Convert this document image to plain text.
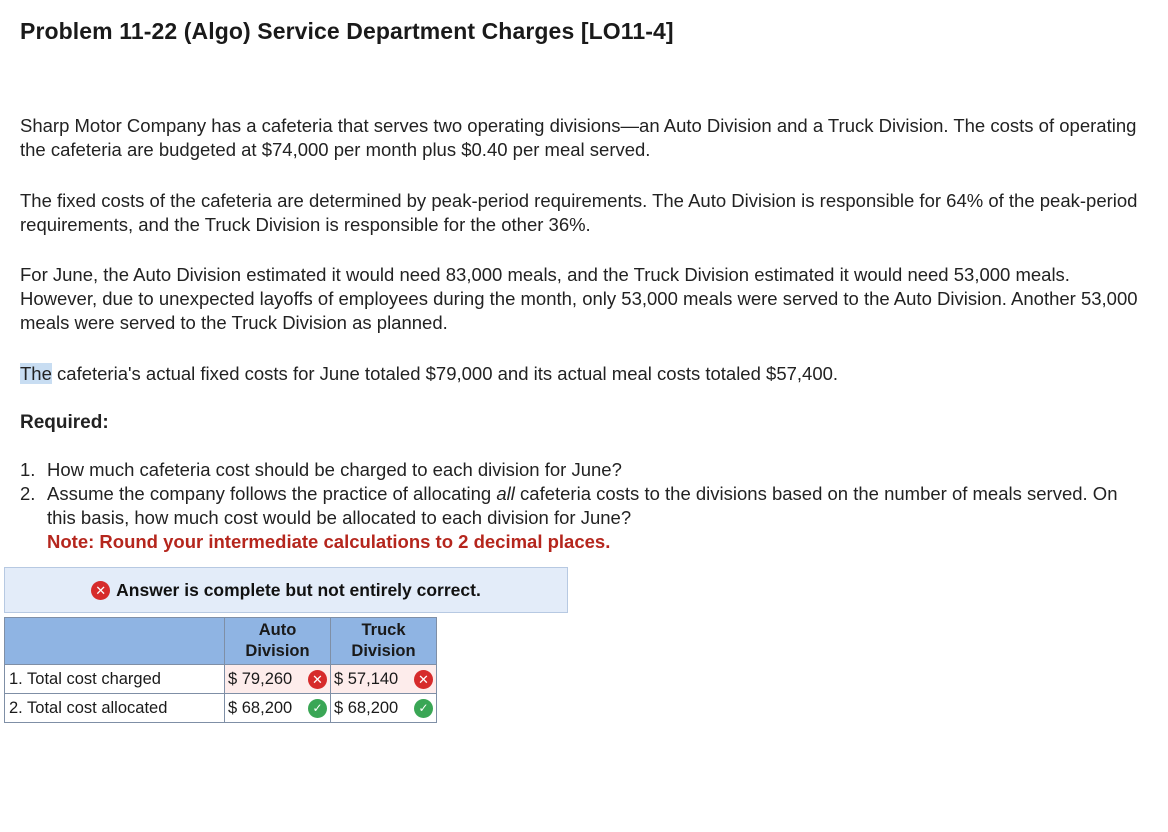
Problem 11-22 (Algo) Service Department Charges [LO11-4]

Sharp Motor Company has a cafeteria that serves two operating divisions—an Auto Division and a Truck Division. The costs of operating the cafeteria are budgeted at $74,000 per month plus $0.40 per meal served.

The fixed costs of the cafeteria are determined by peak-period requirements. The Auto Division is responsible for 64% of the peak-period requirements, and the Truck Division is responsible for the other 36%.

For June, the Auto Division estimated it would need 83,000 meals, and the Truck Division estimated it would need 53,000 meals. However, due to unexpected layoffs of employees during the month, only 53,000 meals were served to the Auto Division. Another 53,000 meals were served to the Truck Division as planned.

The cafeteria's actual fixed costs for June totaled $79,000 and its actual meal costs totaled $57,400.

Required:

1. How much cafeteria cost should be charged to each division for June?
2. Assume the company follows the practice of allocating all cafeteria costs to the divisions based on the number of meals served. On this basis, how much cost would be allocated to each division for June?
Note: Round your intermediate calculations to 2 decimal places.
✕ Answer is complete but not entirely correct.
	Auto
Division	Truck
Division
1. Total cost charged	$ 79,260 ✕	$ 57,140 ✕

2. Total cost allocated	$ 68,200 ✓	$ 68,200 ✓
